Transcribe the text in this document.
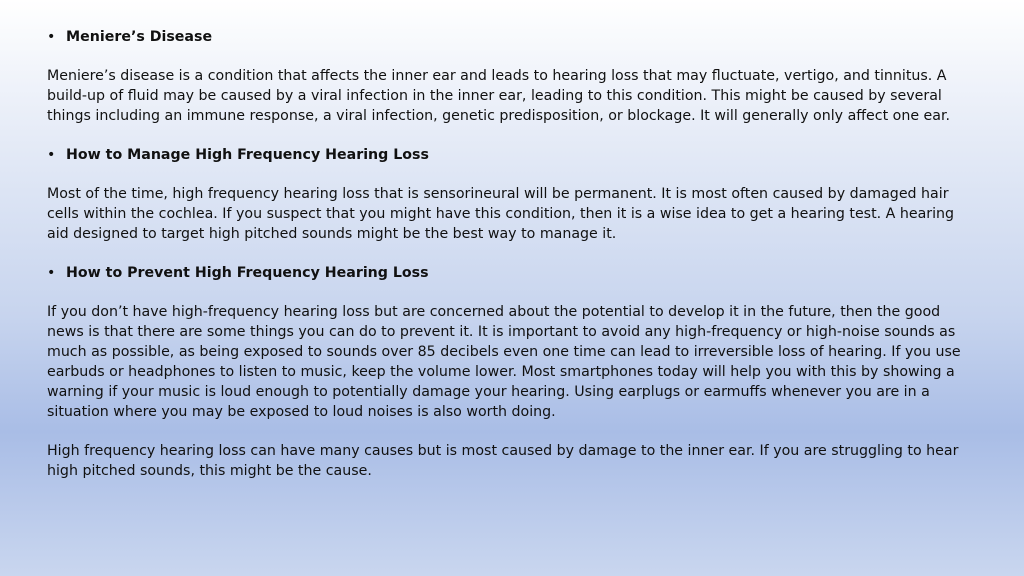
• Meniere’s Disease

Meniere’s disease is a condition that affects the inner ear and leads to hearing loss that may fluctuate, vertigo, and tinnitus. A build-up of fluid may be caused by a viral infection in the inner ear, leading to this condition. This might be caused by several things including an immune response, a viral infection, genetic predisposition, or blockage. It will generally only affect one ear.

• How to Manage High Frequency Hearing Loss

Most of the time, high frequency hearing loss that is sensorineural will be permanent. It is most often caused by damaged hair cells within the cochlea. If you suspect that you might have this condition, then it is a wise idea to get a hearing test. A hearing aid designed to target high pitched sounds might be the best way to manage it.

• How to Prevent High Frequency Hearing Loss

If you don’t have high-frequency hearing loss but are concerned about the potential to develop it in the future, then the good news is that there are some things you can do to prevent it. It is important to avoid any high-frequency or high-noise sounds as much as possible, as being exposed to sounds over 85 decibels even one time can lead to irreversible loss of hearing. If you use earbuds or headphones to listen to music, keep the volume lower. Most smartphones today will help you with this by showing a warning if your music is loud enough to potentially damage your hearing. Using earplugs or earmuffs whenever you are in a situation where you may be exposed to loud noises is also worth doing.

High frequency hearing loss can have many causes but is most caused by damage to the inner ear. If you are struggling to hear high pitched sounds, this might be the cause.
